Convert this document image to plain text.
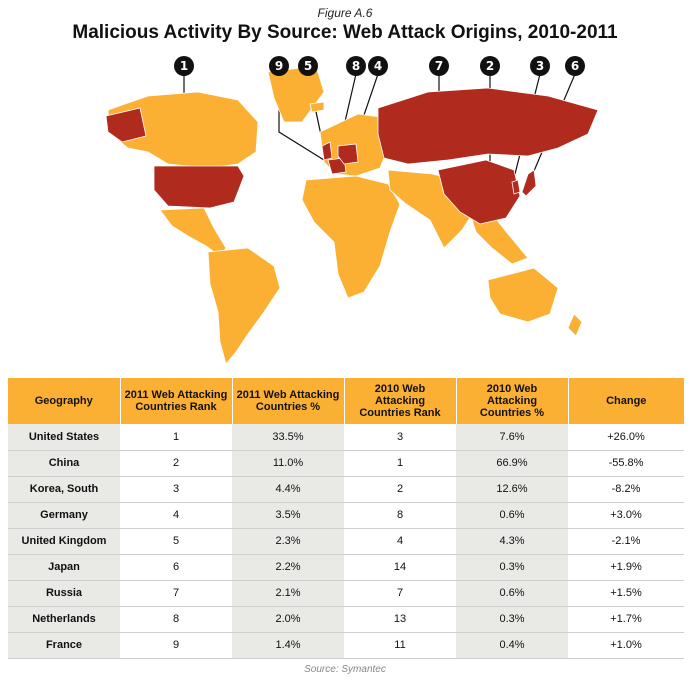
Figure A.6
Malicious Activity By Source: Web Attack Origins, 2010-2011
1	9	5	8	4	7	2	3	6
Geography	2011 Web Attacking Countries Rank	2011 Web Attacking Countries %	2010 Web Attacking Countries Rank	2010 Web Attacking Countries %	Change
United States	1	33.5%	3	7.6%	+26.0%
China	2	11.0%	1	66.9%	-55.8%
Korea, South	3	4.4%	2	12.6%	-8.2%
Germany	4	3.5%	8	0.6%	+3.0%
United Kingdom	5	2.3%	4	4.3%	-2.1%
Japan	6	2.2%	14	0.3%	+1.9%
Russia	7	2.1%	7	0.6%	+1.5%
Netherlands	8	2.0%	13	0.3%	+1.7%
France	9	1.4%	11	0.4%	+1.0%
Source: Symantec
